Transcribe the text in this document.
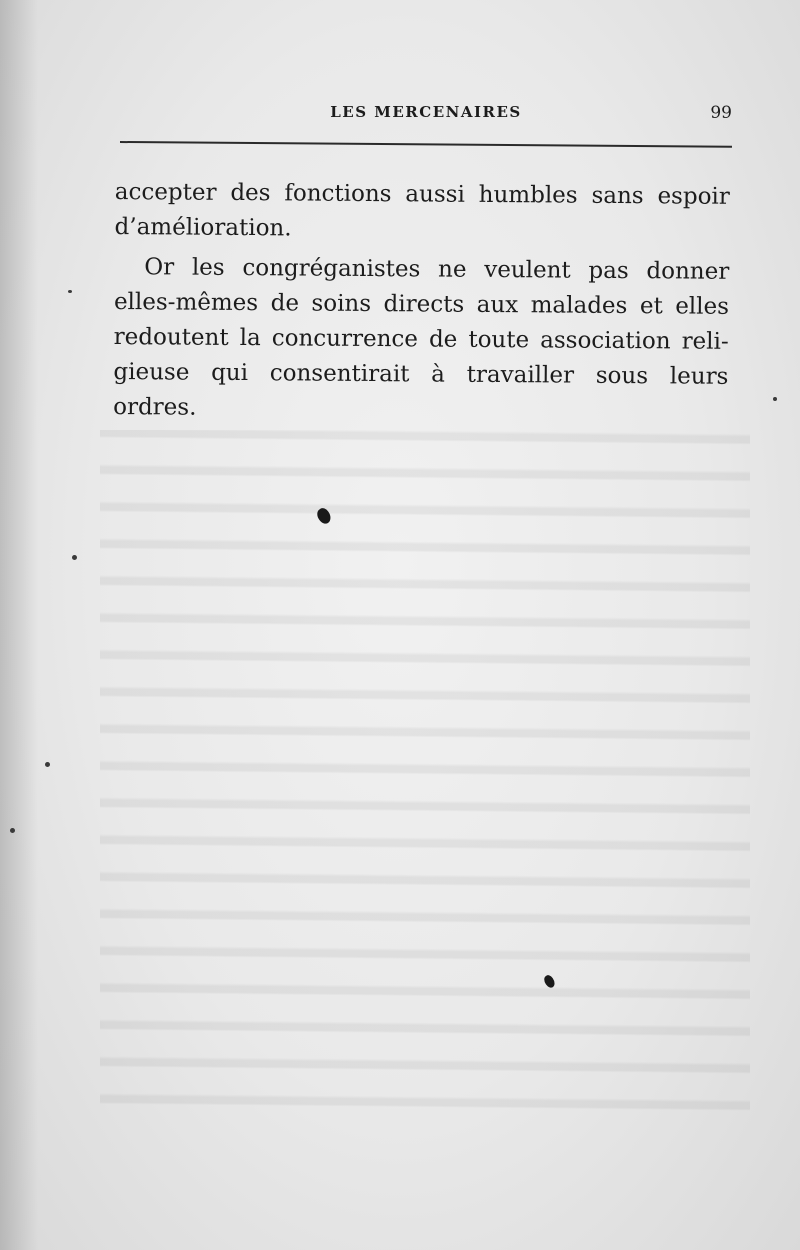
LES MERCENAIRES	99

accepter des fonctions aussi humbles sans espoir d’amélioration.

Or les congréganistes ne veulent pas donner elles-mêmes de soins directs aux malades et elles redoutent la concurrence de toute association reli- gieuse qui consentirait à travailler sous leurs ordres.
